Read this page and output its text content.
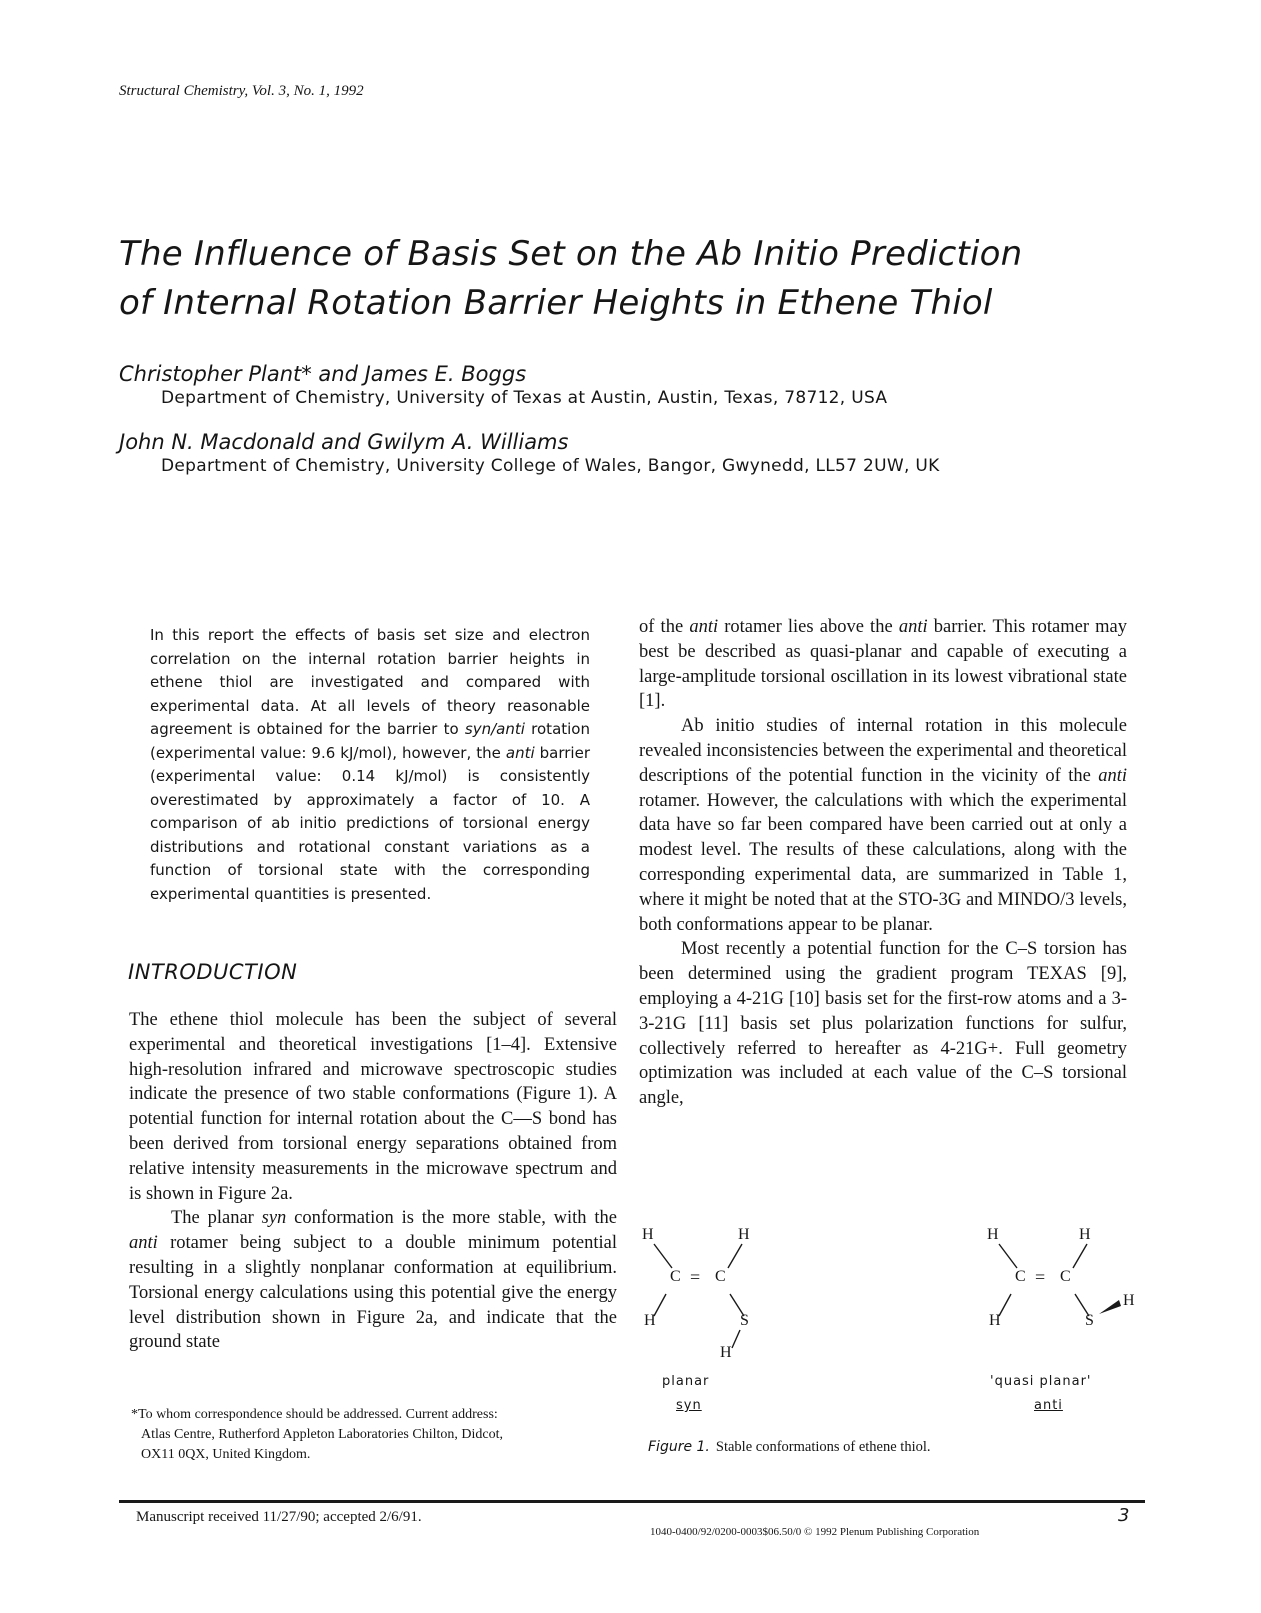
Structural Chemistry, Vol. 3, No. 1, 1992
The Influence of Basis Set on the Ab Initio Prediction
of Internal Rotation Barrier Heights in Ethene Thiol
Christopher Plant* and James E. Boggs
Department of Chemistry, University of Texas at Austin, Austin, Texas, 78712, USA
John N. Macdonald and Gwilym A. Williams
Department of Chemistry, University College of Wales, Bangor, Gwynedd, LL57 2UW, UK
In this report the effects of basis set size and electron correlation on the internal rotation barrier heights in ethene thiol are investigated and compared with experimental data. At all levels of theory reasonable agreement is obtained for the barrier to syn/anti rotation (experimental value: 9.6 kJ/mol), however, the anti barrier (experimental value: 0.14 kJ/mol) is consistently overestimated by approximately a factor of 10. A comparison of ab initio predictions of torsional energy distributions and rotational constant variations as a function of torsional state with the corresponding experimental quantities is presented.
INTRODUCTION

The ethene thiol molecule has been the subject of several experimental and theoretical investigations [1–4]. Extensive high-resolution infrared and microwave spectroscopic studies indicate the presence of two stable conformations (Figure 1). A potential function for internal rotation about the C—S bond has been derived from torsional energy separations obtained from relative intensity measurements in the microwave spectrum and is shown in Figure 2a.

The planar syn conformation is the more stable, with the anti rotamer being subject to a double minimum potential resulting in a slightly nonplanar conformation at equilibrium. Torsional energy calculations using this potential give the energy level distribution shown in Figure 2a, and indicate that the ground state

of the anti rotamer lies above the anti barrier. This rotamer may best be described as quasi-planar and capable of executing a large-amplitude torsional oscillation in its lowest vibrational state [1].

Ab initio studies of internal rotation in this molecule revealed inconsistencies between the experimental and theoretical descriptions of the potential function in the vicinity of the anti rotamer. However, the calculations with which the experimental data have so far been compared have been carried out at only a modest level. The results of these calculations, along with the corresponding experimental data, are summarized in Table 1, where it might be noted that at the STO-3G and MINDO/3 levels, both conformations appear to be planar.

Most recently a potential function for the C–S torsion has been determined using the gradient program TEXAS [9], employing a 4-21G [10] basis set for the first-row atoms and a 3-3-21G [11] basis set plus polarization functions for sulfur, collectively referred to hereafter as 4-21G+. Full geometry optimization was included at each value of the C–S torsional angle,

H	H
C = C
H	S
H
planar
syn
H	H
C = C
H	S
H
'quasi planar'
anti
Figure 1. Stable conformations of ethene thiol.

*To whom correspondence should be addressed. Current address:

Atlas Centre, Rutherford Appleton Laboratories Chilton, Didcot,

OX11 0QX, United Kingdom.

Manuscript received 11/27/90; accepted 2/6/91.	3
1040-0400/92/0200-0003$06.50/0 © 1992 Plenum Publishing Corporation
